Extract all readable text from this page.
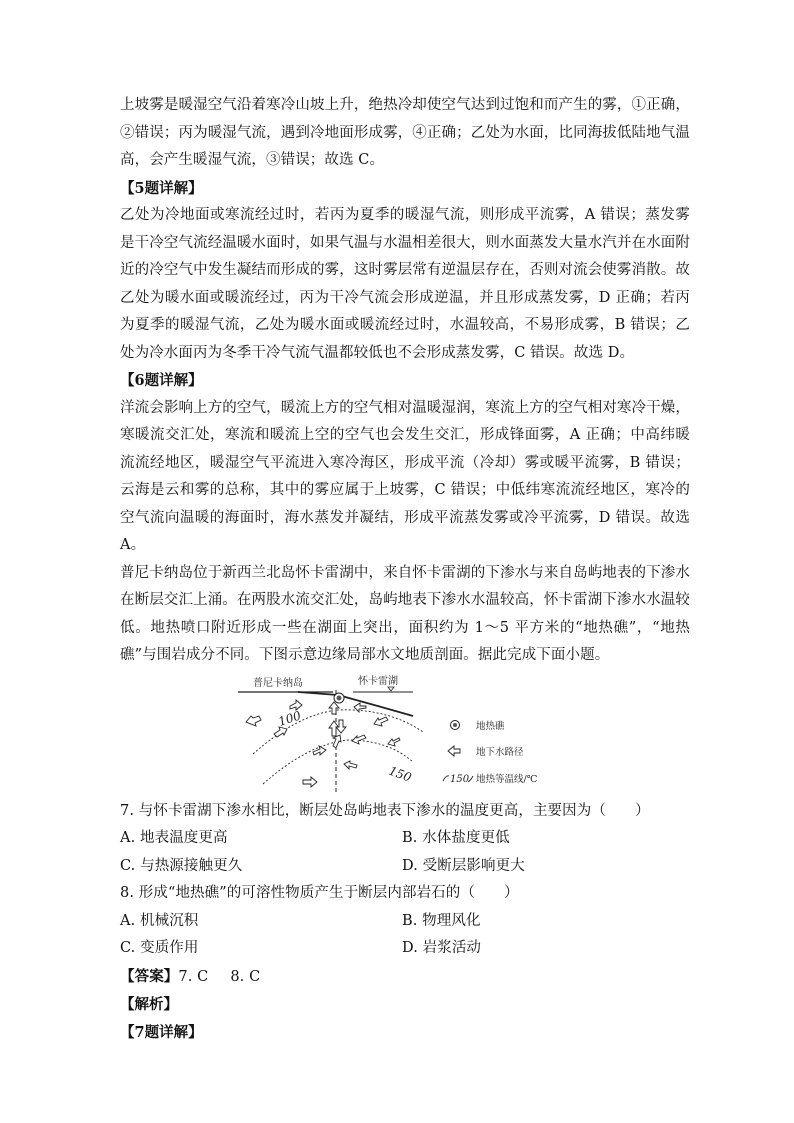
上坡雾是暖湿空气沿着寒冷山坡上升，绝热冷却使空气达到过饱和而产生的雾，①正确，②错误；丙为暖湿气流，遇到冷地面形成雾，④正确；乙处为水面，比同海拔低陆地气温高，会产生暖湿气流，③错误；故选 C。

【5题详解】

乙处为冷地面或寒流经过时，若丙为夏季的暖湿气流，则形成平流雾，A 错误；蒸发雾是干冷空气流经温暖水面时，如果气温与水温相差很大，则水面蒸发大量水汽并在水面附近的冷空气中发生凝结而形成的雾，这时雾层常有逆温层存在，否则对流会使雾消散。故乙处为暖水面或暖流经过，丙为干冷气流会形成逆温，并且形成蒸发雾，D 正确；若丙为夏季的暖湿气流，乙处为暖水面或暖流经过时，水温较高，不易形成雾，B 错误；乙处为冷水面丙为冬季干冷气流气温都较低也不会形成蒸发雾，C 错误。故选 D。

【6题详解】

洋流会影响上方的空气，暖流上方的空气相对温暖湿润，寒流上方的空气相对寒冷干燥，寒暖流交汇处，寒流和暖流上空的空气也会发生交汇，形成锋面雾，A 正确；中高纬暖流流经地区，暖湿空气平流进入寒冷海区，形成平流（冷却）雾或暖平流雾，B 错误；云海是云和雾的总称，其中的雾应属于上坡雾，C 错误；中低纬寒流流经地区，寒冷的空气流向温暖的海面时，海水蒸发并凝结，形成平流蒸发雾或冷平流雾，D 错误。故选 A。

普尼卡纳岛位于新西兰北岛怀卡雷湖中，来自怀卡雷湖的下渗水与来自岛屿地表的下渗水在断层交汇上涌。在两股水流交汇处，岛屿地表下渗水水温较高，怀卡雷湖下渗水水温较低。地热喷口附近形成一些在湖面上突出，面积约为 1～5 平方米的“地热礁”，“地热礁”与围岩成分不同。下图示意边缘局部水文地质剖面。据此完成下面小题。

普尼卡纳岛	怀卡雷湖
100
150
地热礁
地下水路径
150 地热等温线/℃

7. 与怀卡雷湖下渗水相比，断层处岛屿地表下渗水的温度更高，主要因为（　　）

A. 地表温度更高	B. 水体盐度更低

C. 与热源接触更久	D. 受断层影响更大

8. 形成“地热礁”的可溶性物质产生于断层内部岩石的（　　）

A. 机械沉积	B. 物理风化

C. 变质作用	D. 岩浆活动

【答案】7. C 8. C

【解析】

【7题详解】
